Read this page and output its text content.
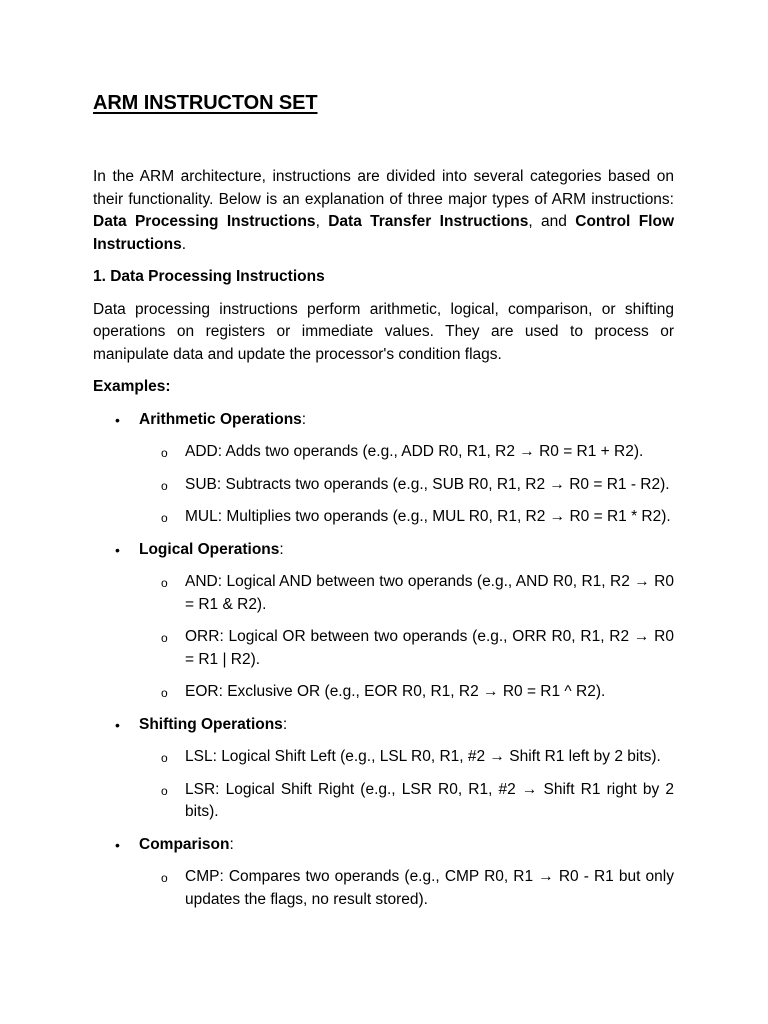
ARM INSTRUCTON SET

In the ARM architecture, instructions are divided into several categories based on their functionality. Below is an explanation of three major types of ARM instructions: Data Processing Instructions, Data Transfer Instructions, and Control Flow Instructions.

1. Data Processing Instructions

Data processing instructions perform arithmetic, logical, comparison, or shifting operations on registers or immediate values. They are used to process or manipulate data and update the processor's condition flags.

Examples:

• Arithmetic Operations:
o ADD: Adds two operands (e.g., ADD R0, R1, R2 → R0 = R1 + R2).
o SUB: Subtracts two operands (e.g., SUB R0, R1, R2 → R0 = R1 - R2).
o MUL: Multiplies two operands (e.g., MUL R0, R1, R2 → R0 = R1 * R2).
• Logical Operations:
o AND: Logical AND between two operands (e.g., AND R0, R1, R2 → R0 = R1 & R2).
o ORR: Logical OR between two operands (e.g., ORR R0, R1, R2 → R0 = R1 | R2).
o EOR: Exclusive OR (e.g., EOR R0, R1, R2 → R0 = R1 ^ R2).
• Shifting Operations:
o LSL: Logical Shift Left (e.g., LSL R0, R1, #2 → Shift R1 left by 2 bits).
o LSR: Logical Shift Right (e.g., LSR R0, R1, #2 → Shift R1 right by 2 bits).
• Comparison:
o CMP: Compares two operands (e.g., CMP R0, R1 → R0 - R1 but only updates the flags, no result stored).
